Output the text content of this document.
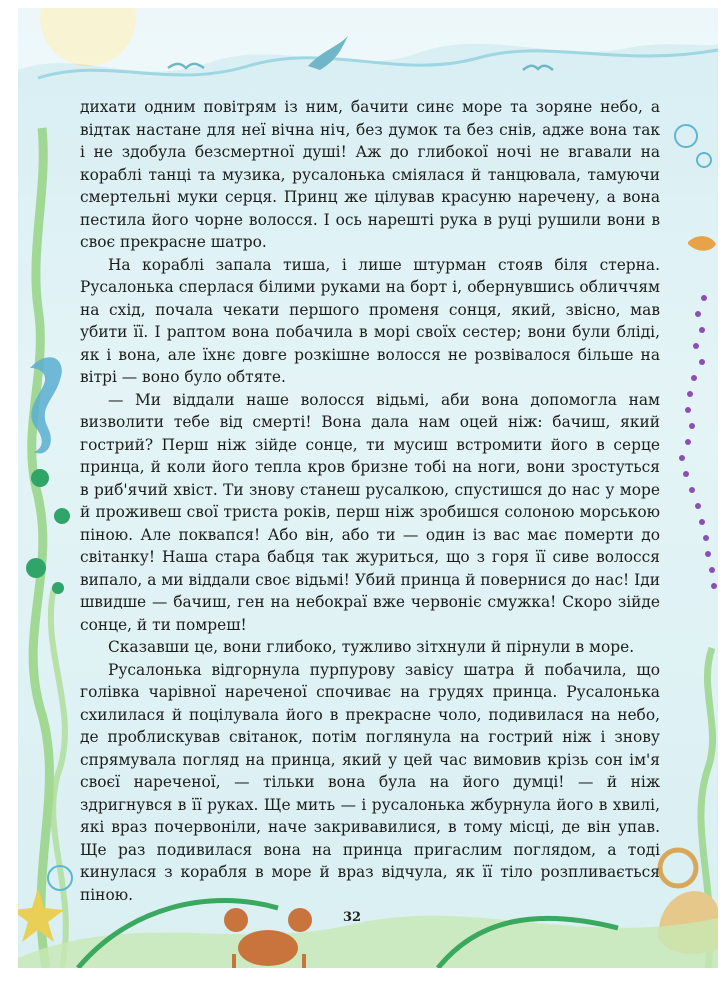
дихати одним повітрям із ним, бачити синє море та зоряне небо, а відтак настане для неї вічна ніч, без думок та без снів, адже вона так і не здобула безсмертної душі! Аж до глибокої ночі не вгавали на кораблі танці та музика, русалонька сміялася й танцювала, тамуючи смертельні муки серця. Принц же цілував красуню наречену, а вона пестила його чорне волосся. І ось нарешті рука в руці рушили вони в своє прекрасне шатро.

На кораблі запала тиша, і лише штурман стояв біля стерна. Русалонька сперлася білими руками на борт і, обернувшись обличчям на схід, почала чекати першого променя сонця, який, звісно, мав убити її. І раптом вона побачила в морі своїх сестер; вони були бліді, як і вона, але їхнє довге розкішне волосся не розвівалося більше на вітрі — воно було обтяте.

— Ми віддали наше волосся відьмі, аби вона допомогла нам визволити тебе від смерті! Вона дала нам оцей ніж: бачиш, який гострий? Перш ніж зійде сонце, ти мусиш встромити його в серце принца, й коли його тепла кров бризне тобі на ноги, вони зростуться в риб'ячий хвіст. Ти знову станеш русалкою, спустишся до нас у море й проживеш свої триста років, перш ніж зробишся солоною морською піною. Але поквапся! Або він, або ти — один із вас має померти до світанку! Наша стара бабця так журиться, що з горя її сиве волосся випало, а ми віддали своє відьмі! Убий принца й повернися до нас! Іди швидше — бачиш, ген на небокраї вже червоніє смужка! Скоро зійде сонце, й ти помреш!

Сказавши це, вони глибоко, тужливо зітхнули й пірнули в море.

Русалонька відгорнула пурпурову завісу шатра й побачила, що голівка чарівної нареченої спочиває на грудях принца. Русалонька схилилася й поцілувала його в прекрасне чоло, подивилася на небо, де проблискував світанок, потім поглянула на гострий ніж і знову спрямувала погляд на принца, який у цей час вимовив крізь сон ім'я своєї нареченої, — тільки вона була на його думці! — й ніж здригнувся в її руках. Ще мить — і русалонька жбурнула його в хвилі, які враз почервоніли, наче закривавилися, в тому місці, де він упав. Ще раз подивилася вона на принца пригаслим поглядом, а тоді кинулася з корабля в море й враз відчула, як її тіло розпливається піною.

32
